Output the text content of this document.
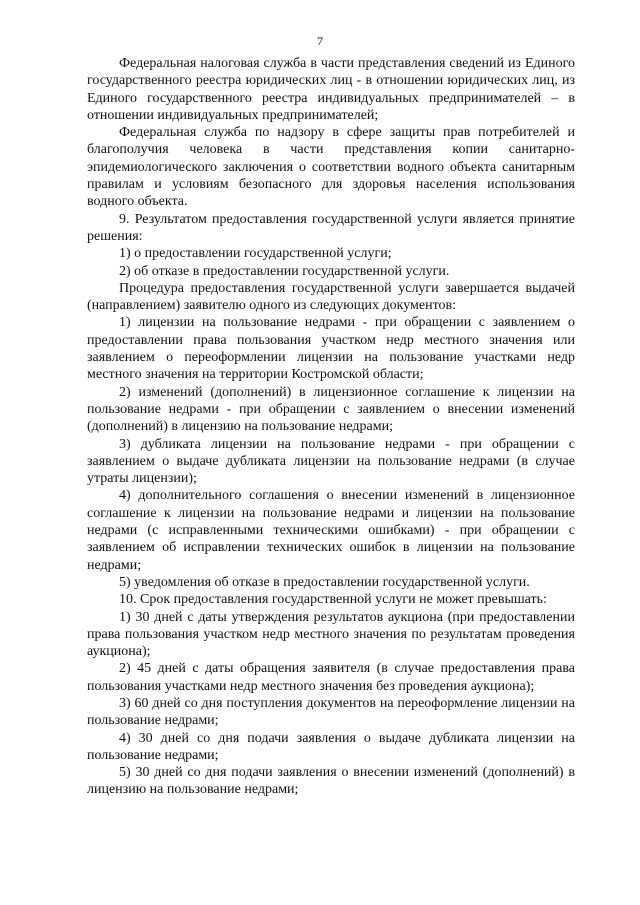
7

Федеральная налоговая служба в части представления сведений из Единого государственного реестра юридических лиц - в отношении юридических лиц, из Единого государственного реестра индивидуальных предпринимателей – в отношении индивидуальных предпринимателей;

Федеральная служба по надзору в сфере защиты прав потребителей и благополучия человека в части представления копии санитарно-эпидемиологического заключения о соответствии водного объекта санитарным правилам и условиям безопасного для здоровья населения использования водного объекта.

9. Результатом предоставления государственной услуги является принятие решения:

1) о предоставлении государственной услуги;

2) об отказе в предоставлении государственной услуги.

Процедура предоставления государственной услуги завершается выдачей (направлением) заявителю одного из следующих документов:

1) лицензии на пользование недрами - при обращении с заявлением о предоставлении права пользования участком недр местного значения или заявлением о переоформлении лицензии на пользование участками недр местного значения на территории Костромской области;

2) изменений (дополнений) в лицензионное соглашение к лицензии на пользование недрами - при обращении с заявлением о внесении изменений (дополнений) в лицензию на пользование недрами;

3) дубликата лицензии на пользование недрами - при обращении с заявлением о выдаче дубликата лицензии на пользование недрами (в случае утраты лицензии);

4) дополнительного соглашения о внесении изменений в лицензионное соглашение к лицензии на пользование недрами и лицензии на пользование недрами (с исправленными техническими ошибками) - при обращении с заявлением об исправлении технических ошибок в лицензии на пользование недрами;

5) уведомления об отказе в предоставлении государственной услуги.

10. Срок предоставления государственной услуги не может превышать:

1) 30 дней с даты утверждения результатов аукциона (при предоставлении права пользования участком недр местного значения по результатам проведения аукциона);

2) 45 дней с даты обращения заявителя (в случае предоставления права пользования участками недр местного значения без проведения аукциона);

3) 60 дней со дня поступления документов на переоформление лицензии на пользование недрами;

4) 30 дней со дня подачи заявления о выдаче дубликата лицензии на пользование недрами;

5) 30 дней со дня подачи заявления о внесении изменений (дополнений) в лицензию на пользование недрами;
